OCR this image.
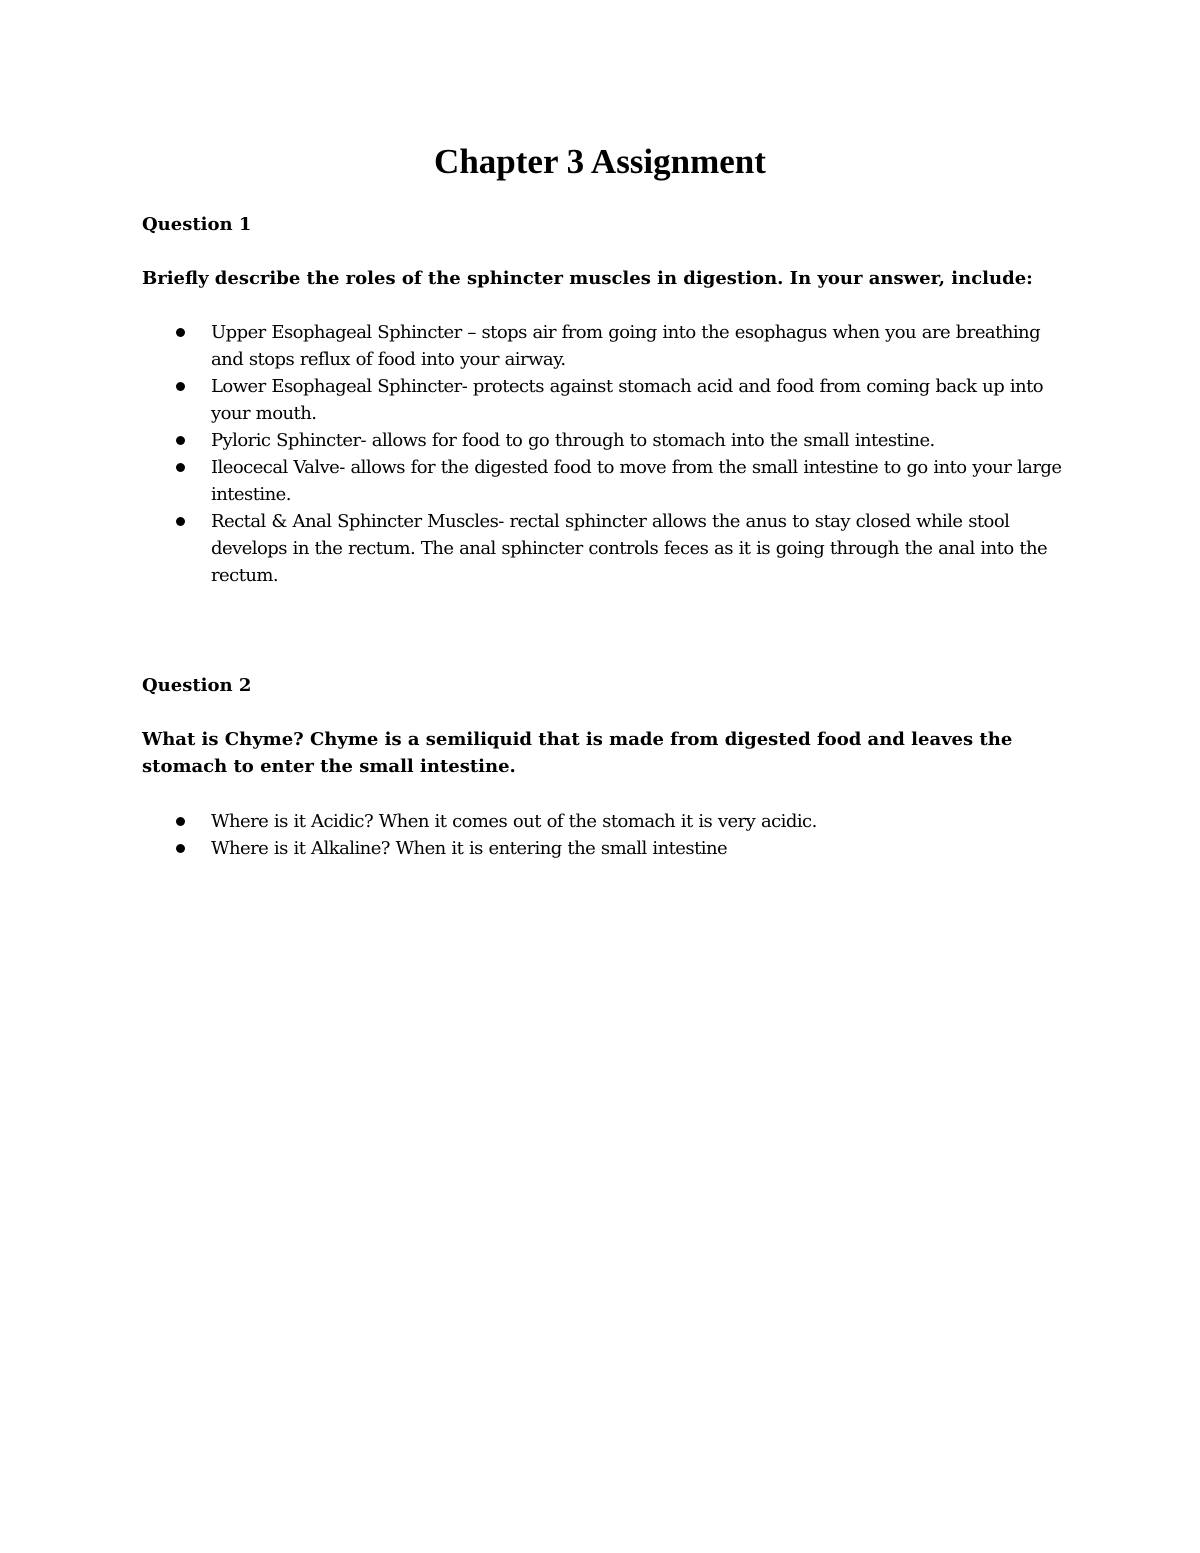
Chapter 3 Assignment

Question 1

Briefly describe the roles of the sphincter muscles in digestion. In your answer, include:

Upper Esophageal Sphincter – stops air from going into the esophagus when you are breathing and stops reflux of food into your airway.
Lower Esophageal Sphincter- protects against stomach acid and food from coming back up into your mouth.
Pyloric Sphincter- allows for food to go through to stomach into the small intestine.
Ileocecal Valve- allows for the digested food to move from the small intestine to go into your large intestine.
Rectal & Anal Sphincter Muscles- rectal sphincter allows the anus to stay closed while stool develops in the rectum. The anal sphincter controls feces as it is going through the anal into the rectum.

Question 2

What is Chyme? Chyme is a semiliquid that is made from digested food and leaves the stomach to enter the small intestine.

Where is it Acidic? When it comes out of the stomach it is very acidic.
Where is it Alkaline? When it is entering the small intestine
